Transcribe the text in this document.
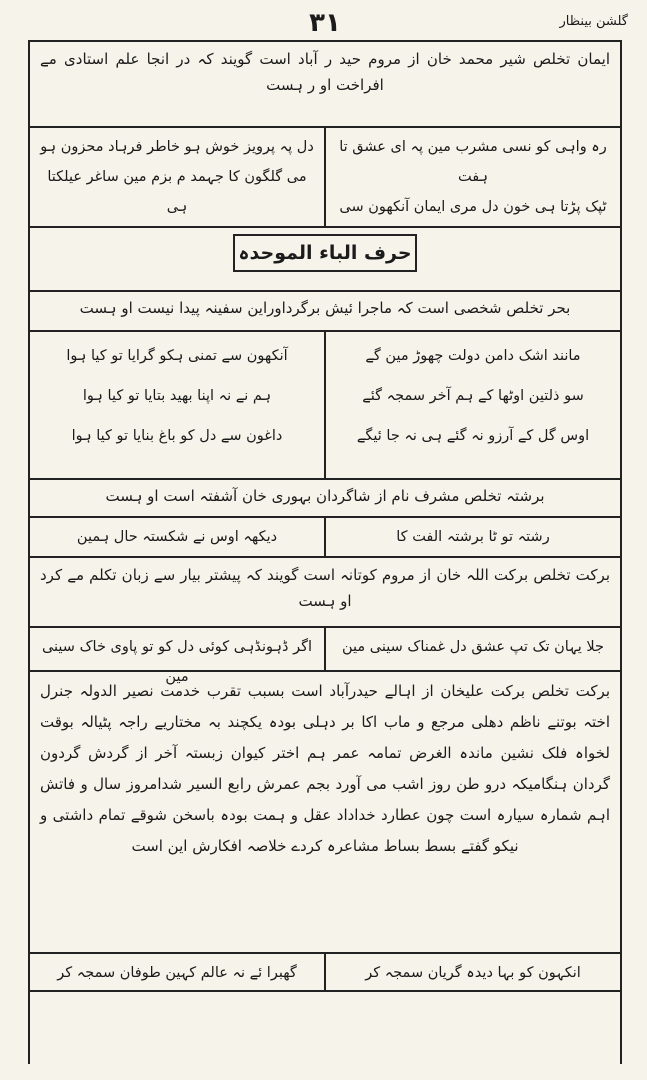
گلشن بینظار
۳۱
ایمان تخلص شیر محمد خان از مروم حید ر آباد است گویند کہ در انجا علم استادی مے افراخت او ر ہست
رہ واہی کو نسی مشرب مین پہ ای عشق تا ہفت
ٹپک پڑتا ہی خون دل مری ایمان آنکھون سی
دل پہ پرویز خوش ہو خاطر فرہاد محزون ہو
می گلگون کا جہمد م بزم مین ساغر عیلکتا ہی
حرف الباء الموحدہ
بحر تخلص شخصی است کہ ماجرا ئیش برگرداوراین سفینہ پیدا نیست او ہست
مانند اشک دامن دولت چھوڑ مین گے
سو ذلتین اوٹھا کے ہم آخر سمجہ گئے
اوس گل کے آرزو نہ گئے ہی نہ جا ئیگے
آنکھون سے تمنی ہکو گرایا تو کیا ہوا
ہم نے نہ اپنا بھید بتایا تو کیا ہوا
داغون سے دل کو باغ بنایا تو کیا ہوا
برشتہ تخلص مشرف نام از شاگردان بہوری خان آشفتہ است او ہست
رشتہ تو ٹا برشتہ الفت کا
دیکھہ اوس نے شکستہ حال ہمین
برکت تخلص برکت اللہ خان از مروم کوتانہ است گویند کہ پیشتر بیار سے زبان تکلم مے کرد او ہست
جلا یہان تک تپ عشق دل غمناک سینی مین
اگر ڈہونڈہی کوئی دل کو تو پاوی خاک سینی مین
برکت تخلص برکت علیخان از اہالے حیدرآباد است بسبب تقرب خدمت نصیر الدولہ جنرل اختہ بوتنے ناظم دھلی مرجع و ماب اکا بر دہلی بودہ یکچند بہ مختاریے راجہ پٹیالہ بوقت لخواہ فلک نشین ماندہ الغرض تمامہ عمر ہم اختر کیوان زبستہ آخر از گردش گردون گردان ہنگامیکہ درو طن روز اشب می آورد بجم عمرش رابع السیر شدامروز سال و فاتش اہم شمارہ سیارہ است چون عطارد خداداد عقل و ہمت بودہ باسخن شوقے تمام داشتی و نیکو گفتے بسط بساط مشاعرہ کردے خلاصہ افکارش این است
انکہون کو بہا دیدہ گریان سمجہ کر
گھبرا ئے نہ عالم کہین طوفان سمجہ کر
